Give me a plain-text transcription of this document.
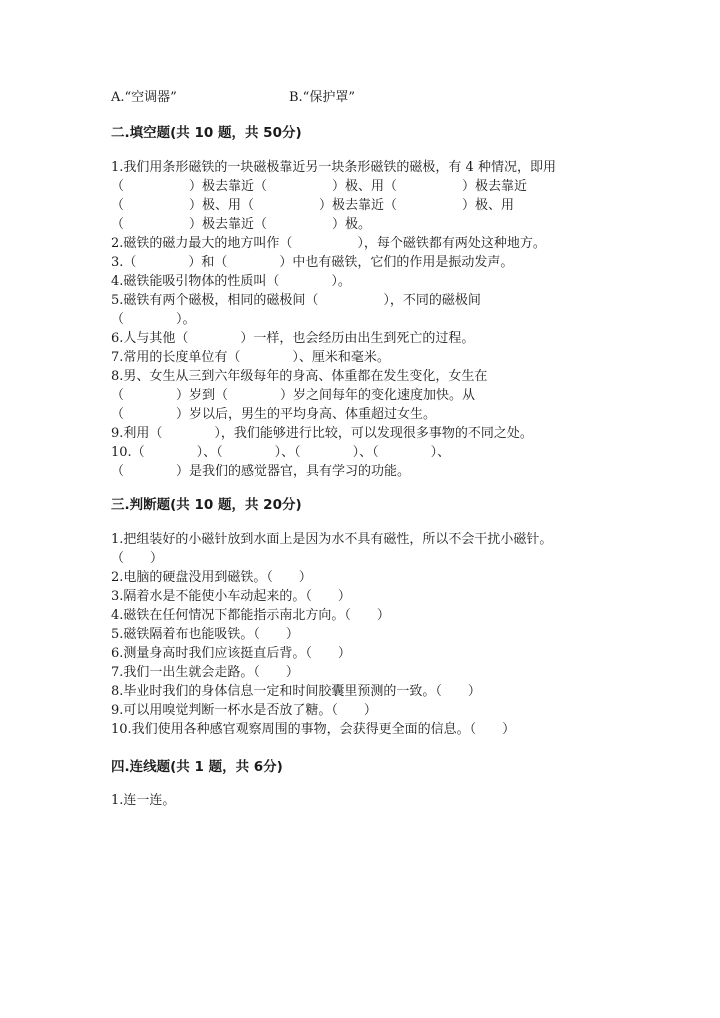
A.“空调器”	B.“保护罩”
二.填空题(共 10 题，共 50分)
1.我们用条形磁铁的一块磁极靠近另一块条形磁铁的磁极，有 4 种情况，即用
（　　　　　）极去靠近（　　　　　）极、用（　　　　　）极去靠近
（　　　　　）极、用（　　　　　）极去靠近（　　　　　）极、用
（　　　　　）极去靠近（　　　　　）极。
2.磁铁的磁力最大的地方叫作（　　　　　），每个磁铁都有两处这种地方。
3.（　　　　）和（　　　　）中也有磁铁，它们的作用是振动发声。
4.磁铁能吸引物体的性质叫（　　　　）。
5.磁铁有两个磁极，相同的磁极间（　　　　　），不同的磁极间
（　　　　）。
6.人与其他（　　　　）一样，也会经历由出生到死亡的过程。
7.常用的长度单位有（　　　　）、厘米和毫米。
8.男、女生从三到六年级每年的身高、体重都在发生变化，女生在
（　　　　）岁到（　　　　）岁之间每年的变化速度加快。从
（　　　　）岁以后，男生的平均身高、体重超过女生。
9.利用（　　　　），我们能够进行比较，可以发现很多事物的不同之处。
10.（　　　　）、（　　　　）、（　　　　）、（　　　　）、
（　　　　）是我们的感觉器官，具有学习的功能。
三.判断题(共 10 题，共 20分)
1.把组装好的小磁针放到水面上是因为水不具有磁性，所以不会干扰小磁针。
（　　）
2.电脑的硬盘没用到磁铁。（　　）
3.隔着水是不能使小车动起来的。（　　）
4.磁铁在任何情况下都能指示南北方向。（　　）
5.磁铁隔着布也能吸铁。（　　）
6.测量身高时我们应该挺直后背。（　　）
7.我们一出生就会走路。（　　）
8.毕业时我们的身体信息一定和时间胶囊里预测的一致。（　　）
9.可以用嗅觉判断一杯水是否放了糖。（　　）
10.我们使用各种感官观察周围的事物，会获得更全面的信息。（　　）
四.连线题(共 1 题，共 6分)
1.连一连。
